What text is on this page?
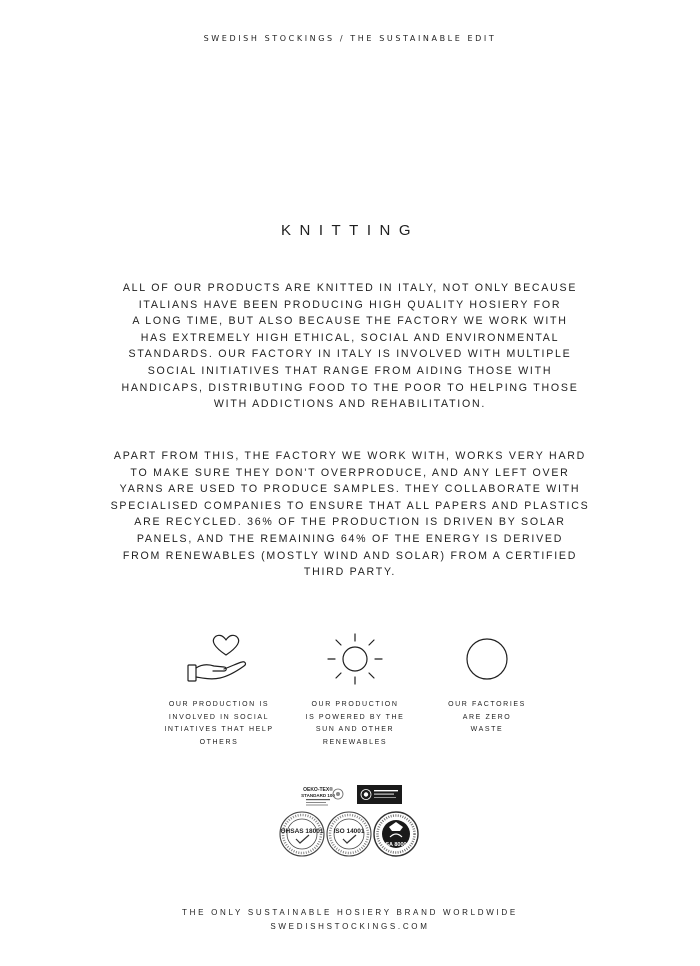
SWEDISH STOCKINGS / THE SUSTAINABLE EDIT
KNITTING
ALL OF OUR PRODUCTS ARE KNITTED IN ITALY, NOT ONLY BECAUSE
ITALIANS HAVE BEEN PRODUCING HIGH QUALITY HOSIERY FOR
A LONG TIME, BUT ALSO BECAUSE THE FACTORY WE WORK WITH
HAS EXTREMELY HIGH ETHICAL, SOCIAL AND ENVIRONMENTAL
STANDARDS. OUR FACTORY IN ITALY IS INVOLVED WITH MULTIPLE
SOCIAL INITIATIVES THAT RANGE FROM AIDING THOSE WITH
HANDICAPS, DISTRIBUTING FOOD TO THE POOR TO HELPING THOSE
WITH ADDICTIONS AND REHABILITATION.
APART FROM THIS, THE FACTORY WE WORK WITH, WORKS VERY HARD
TO MAKE SURE THEY DON'T OVERPRODUCE, AND ANY LEFT OVER
YARNS ARE USED TO PRODUCE SAMPLES. THEY COLLABORATE WITH
SPECIALISED COMPANIES TO ENSURE THAT ALL PAPERS AND PLASTICS
ARE RECYCLED. 36% OF THE PRODUCTION IS DRIVEN BY SOLAR
PANELS, AND THE REMAINING 64% OF THE ENERGY IS DERIVED
FROM RENEWABLES (MOSTLY WIND AND SOLAR) FROM A CERTIFIED
THIRD PARTY.
OUR PRODUCTION IS
INVOLVED IN SOCIAL
INTIATIVES THAT HELP
OTHERS
OUR PRODUCTION
IS POWERED BY THE
SUN AND OTHER
RENEWABLES
OUR FACTORIES
ARE ZERO
WASTE
OEKO-TEX®
STANDARD 100
OHSAS 18001 ISO 14001
SA 8000
THE ONLY SUSTAINABLE HOSIERY BRAND WORLDWIDE
SWEDISHSTOCKINGS.COM
